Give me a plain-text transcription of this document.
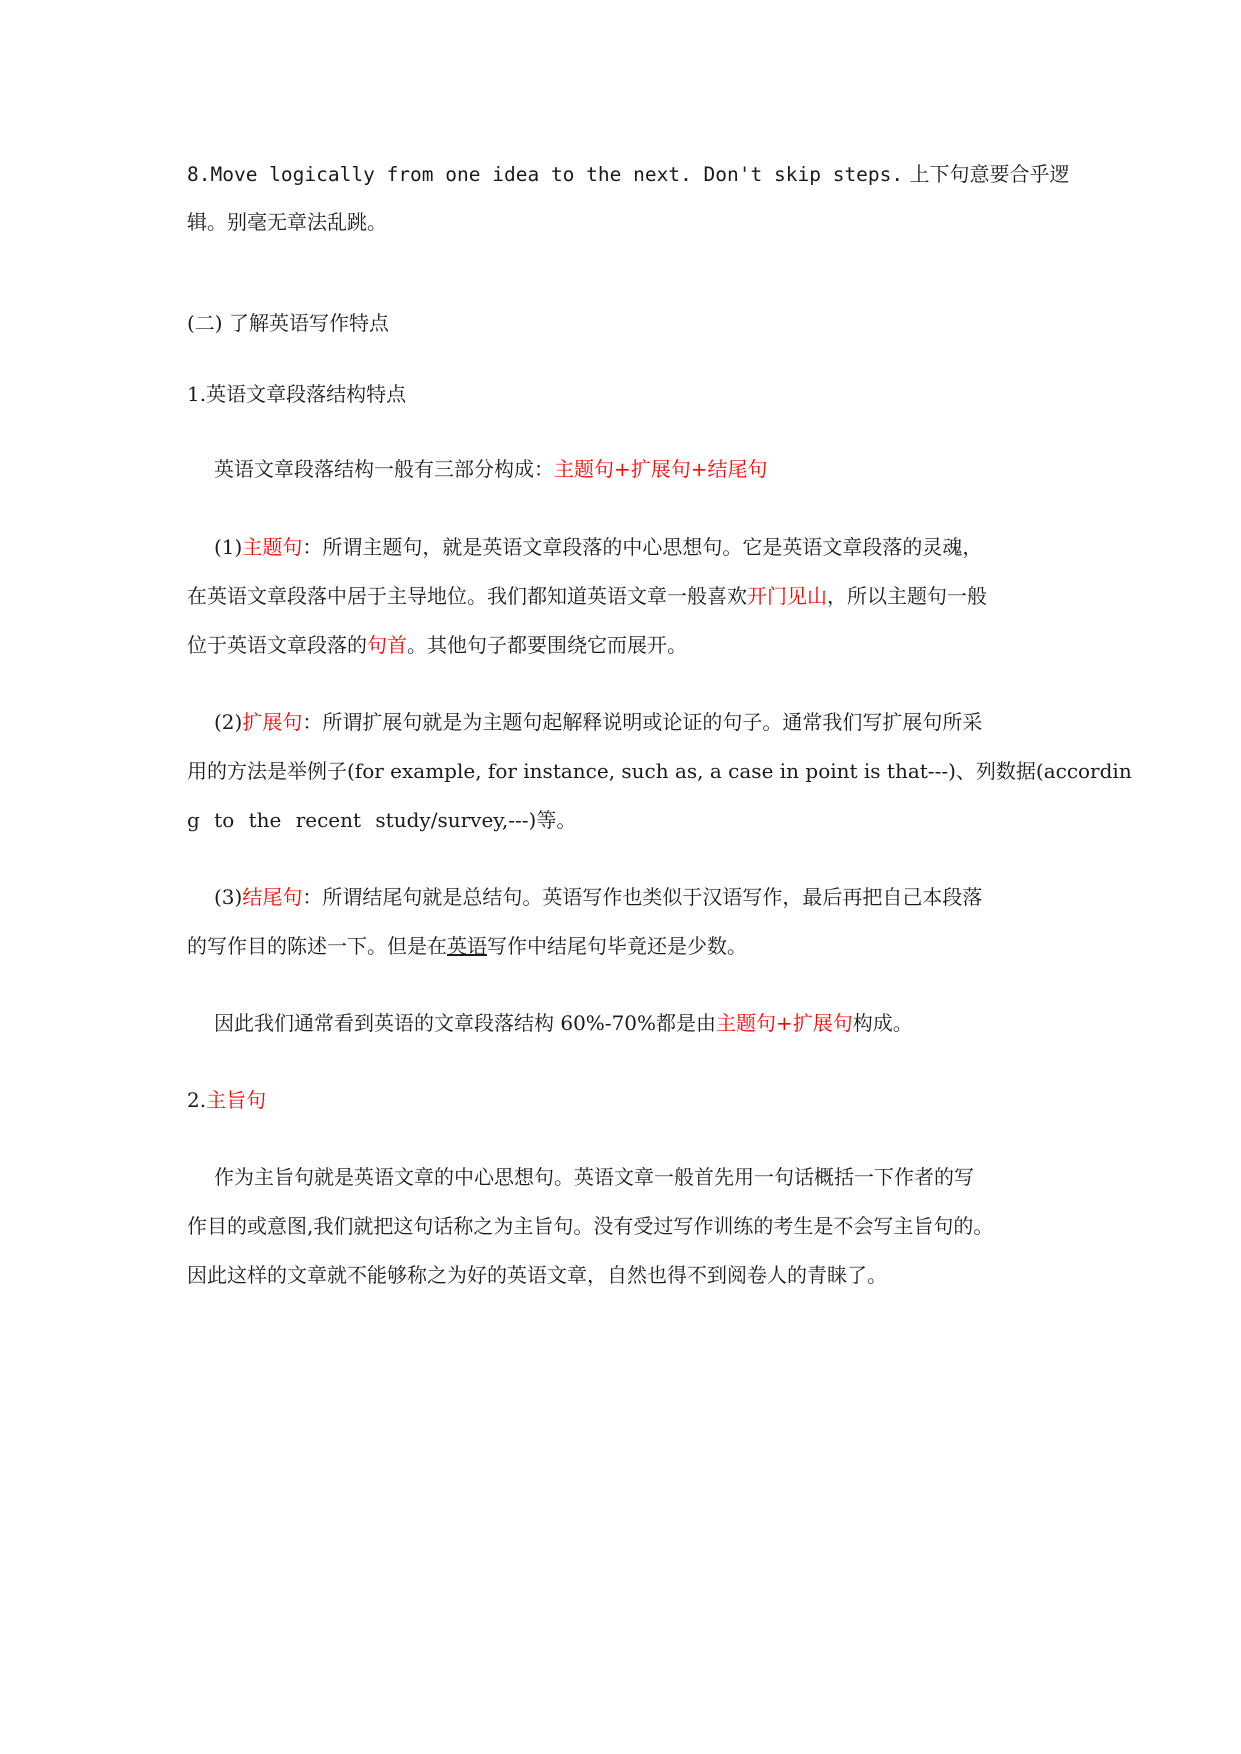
8.Move logically from one idea to the next. Don't skip steps. 上下句意要合乎逻
辑。别毫无章法乱跳。
(二) 了解英语写作特点
1.英语文章段落结构特点
英语文章段落结构一般有三部分构成：主题句+扩展句+结尾句
(1)主题句：所谓主题句，就是英语文章段落的中心思想句。它是英语文章段落的灵魂，
在英语文章段落中居于主导地位。我们都知道英语文章一般喜欢开门见山，所以主题句一般
位于英语文章段落的句首。其他句子都要围绕它而展开。
(2)扩展句：所谓扩展句就是为主题句起解释说明或论证的句子。通常我们写扩展句所采
用的方法是举例子(for example, for instance, such as, a case in point is that---)、列数据(accordin
g to the recent study/survey,---)等。
(3)结尾句：所谓结尾句就是总结句。英语写作也类似于汉语写作，最后再把自己本段落
的写作目的陈述一下。但是在英语写作中结尾句毕竟还是少数。
因此我们通常看到英语的文章段落结构 60%-70%都是由主题句+扩展句构成。
2.主旨句
作为主旨句就是英语文章的中心思想句。英语文章一般首先用一句话概括一下作者的写
作目的或意图,我们就把这句话称之为主旨句。没有受过写作训练的考生是不会写主旨句的。
因此这样的文章就不能够称之为好的英语文章，自然也得不到阅卷人的青睐了。
